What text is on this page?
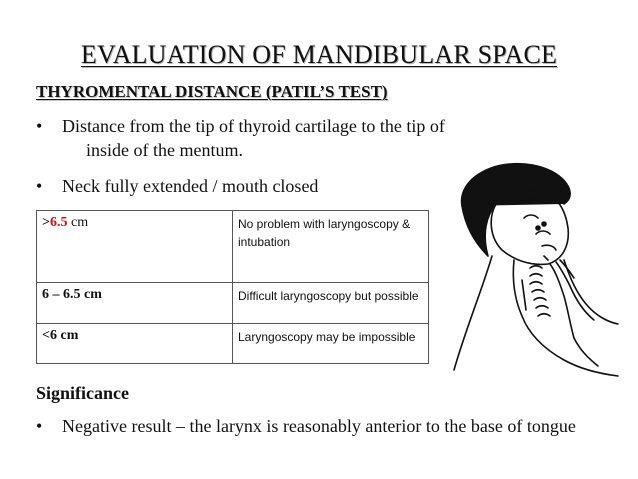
EVALUATION OF MANDIBULAR SPACE
THYROMENTAL DISTANCE (PATIL’S TEST)
• Distance from the tip of thyroid cartilage to the tip of
inside of the mentum.
• Neck fully extended / mouth closed
>6.5 cm	No problem with laryngoscopy & intubation
6 – 6.5 cm	Difficult laryngoscopy but possible
<6 cm	Laryngoscopy may be impossible
Significance
• Negative result – the larynx is reasonably anterior to the base of tongue
